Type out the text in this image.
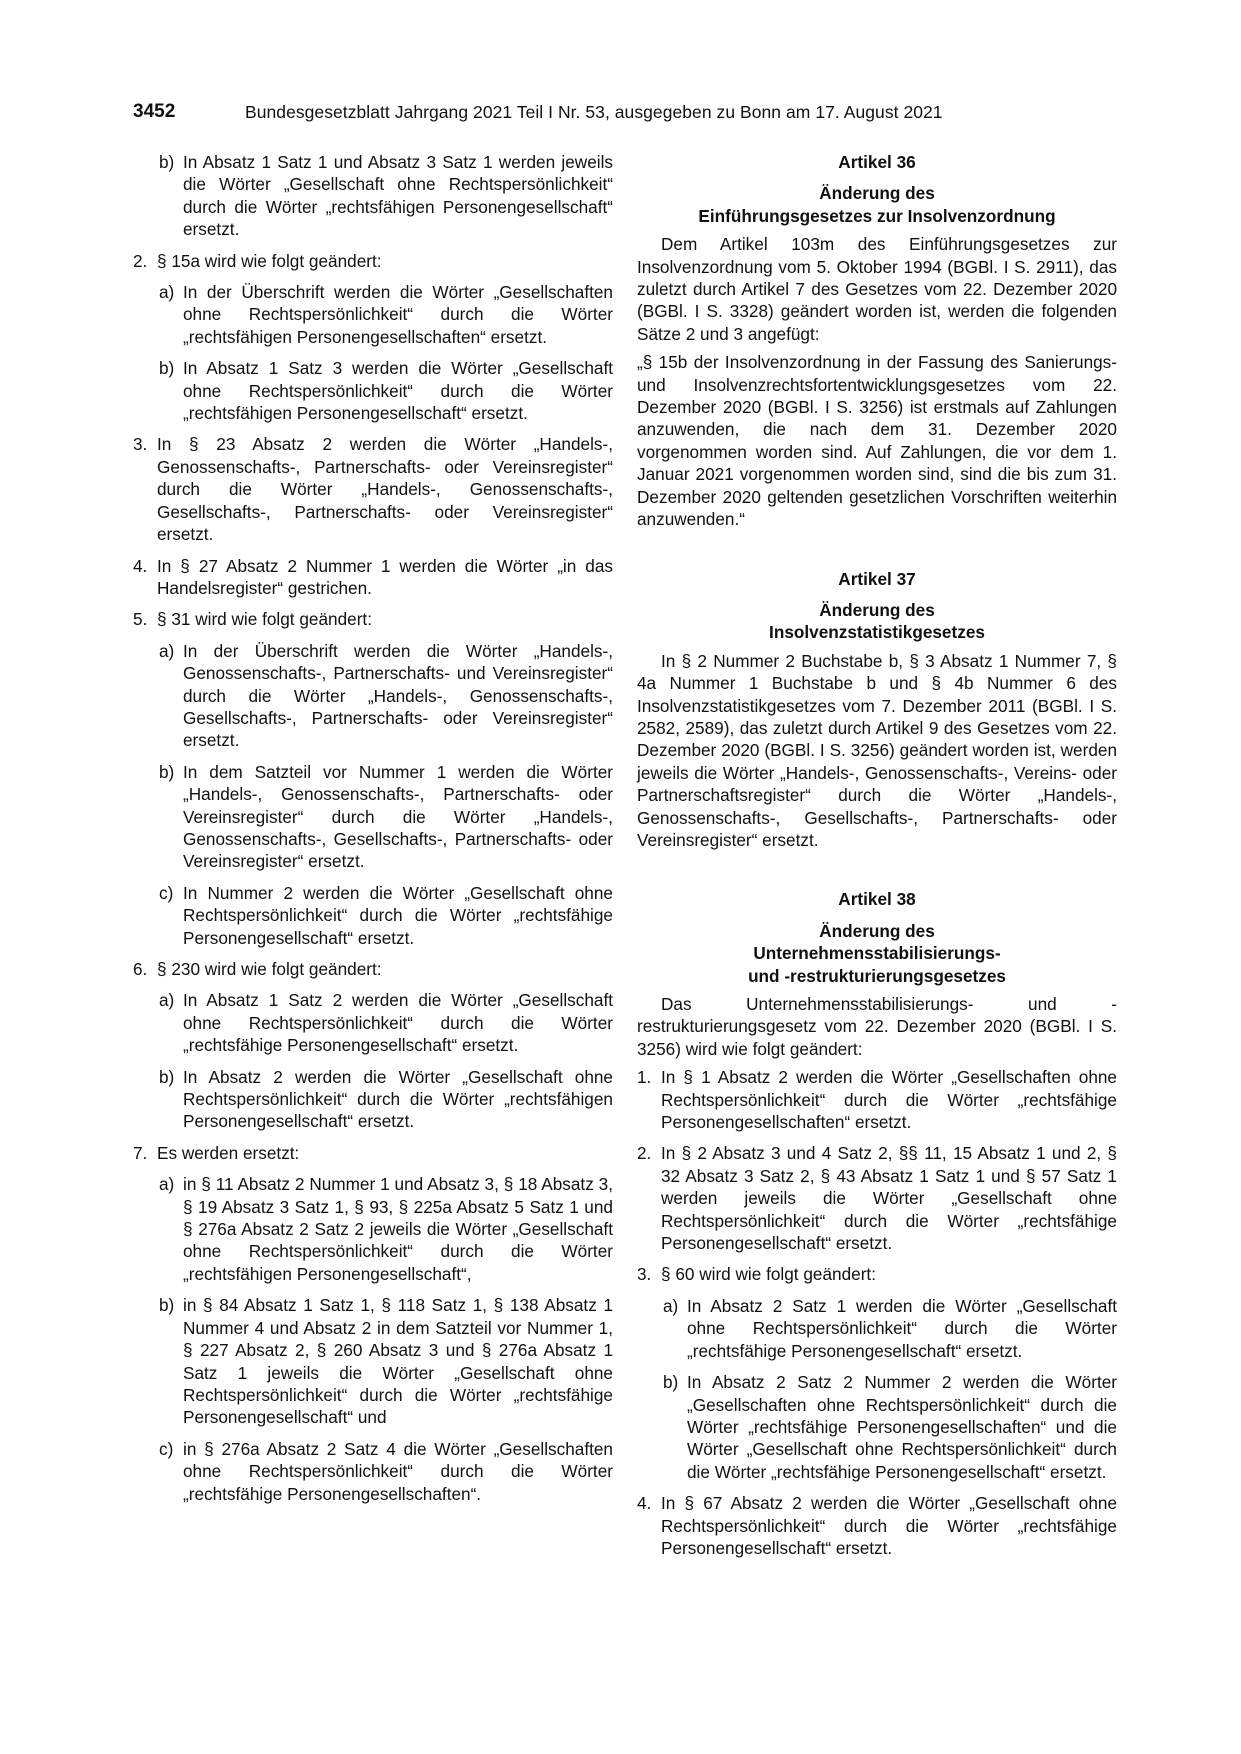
3452	Bundesgesetzblatt Jahrgang 2021 Teil I Nr. 53, ausgegeben zu Bonn am 17. August 2021
b) In Absatz 1 Satz 1 und Absatz 3 Satz 1 werden jeweils die Wörter „Gesellschaft ohne Rechtspersönlichkeit“ durch die Wörter „rechtsfähigen Personengesellschaft“ ersetzt.
2. § 15a wird wie folgt geändert:
a) In der Überschrift werden die Wörter „Gesellschaften ohne Rechtspersönlichkeit“ durch die Wörter „rechtsfähigen Personengesellschaften“ ersetzt.
b) In Absatz 1 Satz 3 werden die Wörter „Gesellschaft ohne Rechtspersönlichkeit“ durch die Wörter „rechtsfähigen Personengesellschaft“ ersetzt.
3. In § 23 Absatz 2 werden die Wörter „Handels-, Genossenschafts-, Partnerschafts- oder Vereinsregister“ durch die Wörter „Handels-, Genossenschafts-, Gesellschafts-, Partnerschafts- oder Vereinsregister“ ersetzt.
4. In § 27 Absatz 2 Nummer 1 werden die Wörter „in das Handelsregister“ gestrichen.
5. § 31 wird wie folgt geändert:
a) In der Überschrift werden die Wörter „Handels-, Genossenschafts-, Partnerschafts- und Vereinsregister“ durch die Wörter „Handels-, Genossenschafts-, Gesellschafts-, Partnerschafts- oder Vereinsregister“ ersetzt.
b) In dem Satzteil vor Nummer 1 werden die Wörter „Handels-, Genossenschafts-, Partnerschafts- oder Vereinsregister“ durch die Wörter „Handels-, Genossenschafts-, Gesellschafts-, Partnerschafts- oder Vereinsregister“ ersetzt.
c) In Nummer 2 werden die Wörter „Gesellschaft ohne Rechtspersönlichkeit“ durch die Wörter „rechtsfähige Personengesellschaft“ ersetzt.
6. § 230 wird wie folgt geändert:
a) In Absatz 1 Satz 2 werden die Wörter „Gesellschaft ohne Rechtspersönlichkeit“ durch die Wörter „rechtsfähige Personengesellschaft“ ersetzt.
b) In Absatz 2 werden die Wörter „Gesellschaft ohne Rechtspersönlichkeit“ durch die Wörter „rechtsfähigen Personengesellschaft“ ersetzt.
7. Es werden ersetzt:
a) in § 11 Absatz 2 Nummer 1 und Absatz 3, § 18 Absatz 3, § 19 Absatz 3 Satz 1, § 93, § 225a Absatz 5 Satz 1 und § 276a Absatz 2 Satz 2 jeweils die Wörter „Gesellschaft ohne Rechtspersönlichkeit“ durch die Wörter „rechtsfähigen Personengesellschaft“,
b) in § 84 Absatz 1 Satz 1, § 118 Satz 1, § 138 Absatz 1 Nummer 4 und Absatz 2 in dem Satzteil vor Nummer 1, § 227 Absatz 2, § 260 Absatz 3 und § 276a Absatz 1 Satz 1 jeweils die Wörter „Gesellschaft ohne Rechtspersönlichkeit“ durch die Wörter „rechtsfähige Personengesellschaft“ und
c) in § 276a Absatz 2 Satz 4 die Wörter „Gesellschaften ohne Rechtspersönlichkeit“ durch die Wörter „rechtsfähige Personengesellschaften“.
Artikel 36
Änderung des
Einführungsgesetzes zur Insolvenzordnung
Dem Artikel 103m des Einführungsgesetzes zur Insolvenzordnung vom 5. Oktober 1994 (BGBl. I S. 2911), das zuletzt durch Artikel 7 des Gesetzes vom 22. Dezember 2020 (BGBl. I S. 3328) geändert worden ist, werden die folgenden Sätze 2 und 3 angefügt:
„§ 15b der Insolvenzordnung in der Fassung des Sanierungs- und Insolvenzrechtsfortentwicklungsgesetzes vom 22. Dezember 2020 (BGBl. I S. 3256) ist erstmals auf Zahlungen anzuwenden, die nach dem 31. Dezember 2020 vorgenommen worden sind. Auf Zahlungen, die vor dem 1. Januar 2021 vorgenommen worden sind, sind die bis zum 31. Dezember 2020 geltenden gesetzlichen Vorschriften weiterhin anzuwenden.“
Artikel 37
Änderung des
Insolvenzstatistikgesetzes
In § 2 Nummer 2 Buchstabe b, § 3 Absatz 1 Nummer 7, § 4a Nummer 1 Buchstabe b und § 4b Nummer 6 des Insolvenzstatistikgesetzes vom 7. Dezember 2011 (BGBl. I S. 2582, 2589), das zuletzt durch Artikel 9 des Gesetzes vom 22. Dezember 2020 (BGBl. I S. 3256) geändert worden ist, werden jeweils die Wörter „Handels-, Genossenschafts-, Vereins- oder Partnerschaftsregister“ durch die Wörter „Handels-, Genossenschafts-, Gesellschafts-, Partnerschafts- oder Vereinsregister“ ersetzt.
Artikel 38
Änderung des
Unternehmensstabilisierungs-
und -restrukturierungsgesetzes
Das Unternehmensstabilisierungs- und -restrukturierungsgesetz vom 22. Dezember 2020 (BGBl. I S. 3256) wird wie folgt geändert:
1. In § 1 Absatz 2 werden die Wörter „Gesellschaften ohne Rechtspersönlichkeit“ durch die Wörter „rechtsfähige Personengesellschaften“ ersetzt.
2. In § 2 Absatz 3 und 4 Satz 2, §§ 11, 15 Absatz 1 und 2, § 32 Absatz 3 Satz 2, § 43 Absatz 1 Satz 1 und § 57 Satz 1 werden jeweils die Wörter „Gesellschaft ohne Rechtspersönlichkeit“ durch die Wörter „rechtsfähige Personengesellschaft“ ersetzt.
3. § 60 wird wie folgt geändert:
a) In Absatz 2 Satz 1 werden die Wörter „Gesellschaft ohne Rechtspersönlichkeit“ durch die Wörter „rechtsfähige Personengesellschaft“ ersetzt.
b) In Absatz 2 Satz 2 Nummer 2 werden die Wörter „Gesellschaften ohne Rechtspersönlichkeit“ durch die Wörter „rechtsfähige Personengesellschaften“ und die Wörter „Gesellschaft ohne Rechtspersönlichkeit“ durch die Wörter „rechtsfähige Personengesellschaft“ ersetzt.
4. In § 67 Absatz 2 werden die Wörter „Gesellschaft ohne Rechtspersönlichkeit“ durch die Wörter „rechtsfähige Personengesellschaft“ ersetzt.
